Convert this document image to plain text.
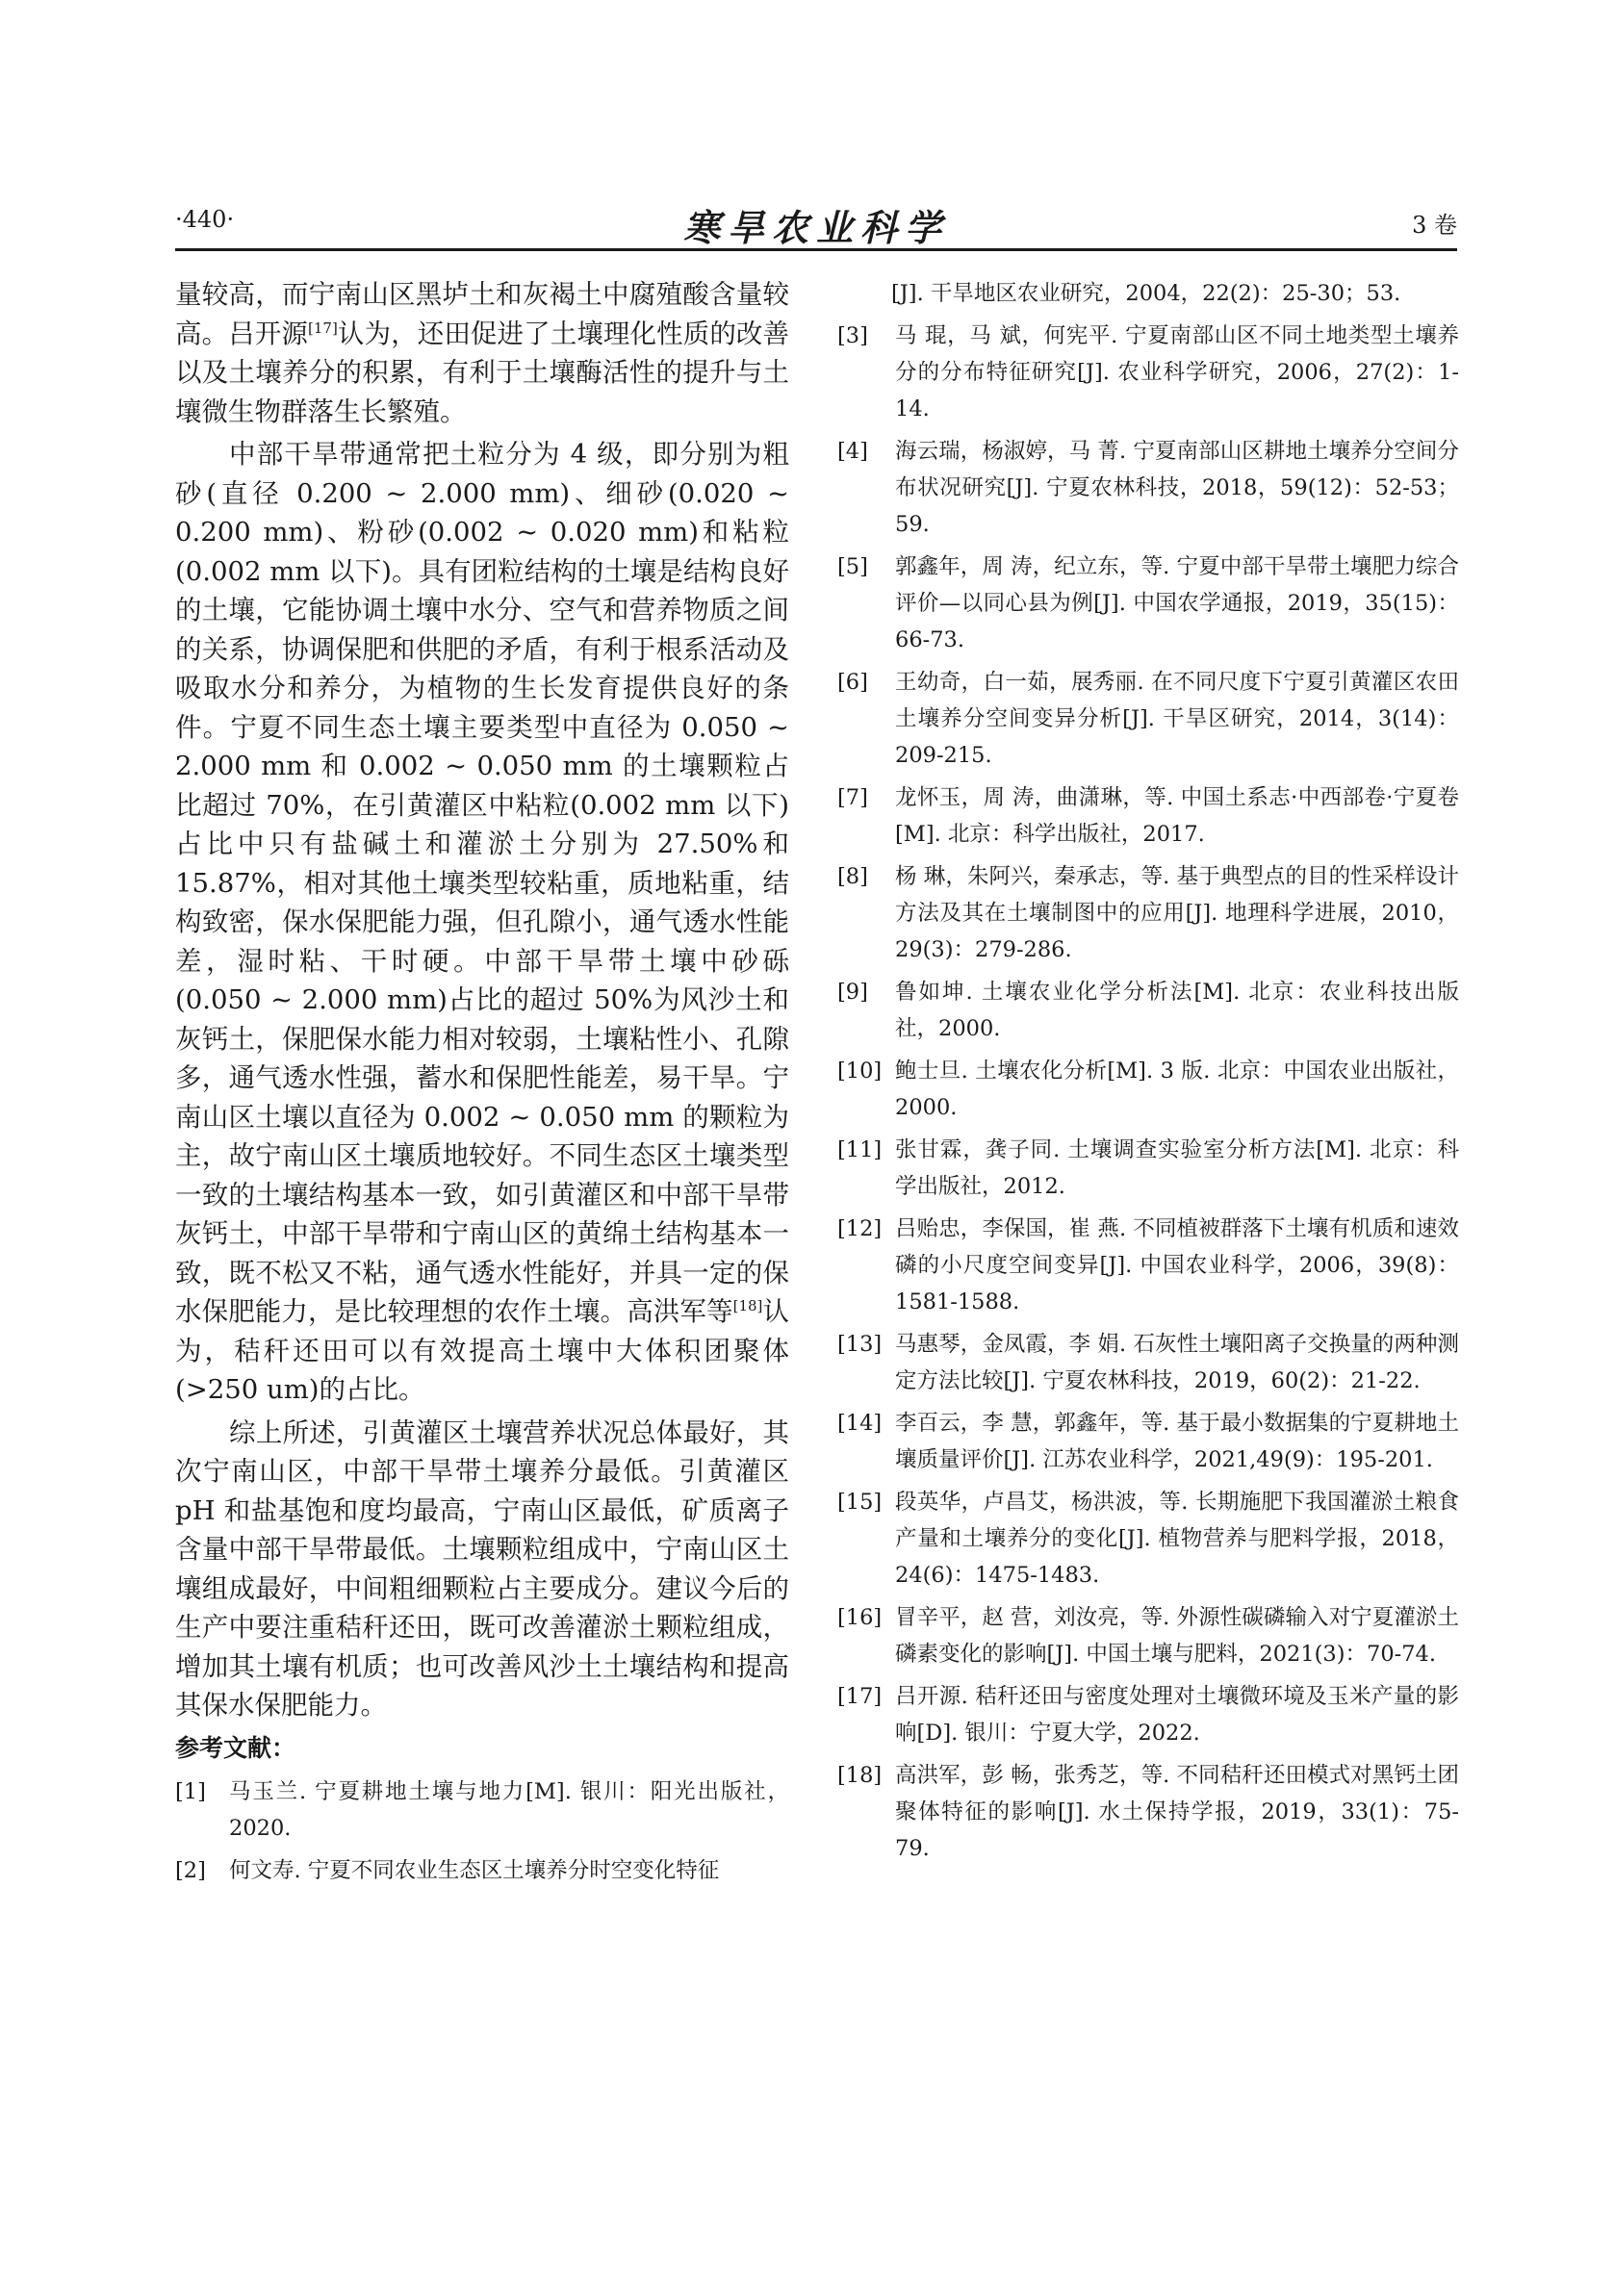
·440·	寒旱农业科学	3 卷

量较高，而宁南山区黑垆土和灰褐土中腐殖酸含量较高。吕开源[17]认为，还田促进了土壤理化性质的改善以及土壤养分的积累，有利于土壤酶活性的提升与土壤微生物群落生长繁殖。

中部干旱带通常把土粒分为 4 级，即分别为粗砂(直径 0.200 ~ 2.000 mm)、细砂(0.020 ~ 0.200 mm)、粉砂(0.002 ~ 0.020 mm)和粘粒(0.002 mm 以下)。具有团粒结构的土壤是结构良好的土壤，它能协调土壤中水分、空气和营养物质之间的关系，协调保肥和供肥的矛盾，有利于根系活动及吸取水分和养分，为植物的生长发育提供良好的条件。宁夏不同生态土壤主要类型中直径为 0.050 ~ 2.000 mm 和 0.002 ~ 0.050 mm 的土壤颗粒占比超过 70%，在引黄灌区中粘粒(0.002 mm 以下)占比中只有盐碱土和灌淤土分别为 27.50%和 15.87%，相对其他土壤类型较粘重，质地粘重，结构致密，保水保肥能力强，但孔隙小，通气透水性能差，湿时粘、干时硬。中部干旱带土壤中砂砾(0.050 ~ 2.000 mm)占比的超过 50%为风沙土和灰钙土，保肥保水能力相对较弱，土壤粘性小、孔隙多，通气透水性强，蓄水和保肥性能差，易干旱。宁南山区土壤以直径为 0.002 ~ 0.050 mm 的颗粒为主，故宁南山区土壤质地较好。不同生态区土壤类型一致的土壤结构基本一致，如引黄灌区和中部干旱带灰钙土，中部干旱带和宁南山区的黄绵土结构基本一致，既不松又不粘，通气透水性能好，并具一定的保水保肥能力，是比较理想的农作土壤。高洪军等[18]认为，秸秆还田可以有效提高土壤中大体积团聚体(>250 um)的占比。

综上所述，引黄灌区土壤营养状况总体最好，其次宁南山区，中部干旱带土壤养分最低。引黄灌区 pH 和盐基饱和度均最高，宁南山区最低，矿质离子含量中部干旱带最低。土壤颗粒组成中，宁南山区土壤组成最好，中间粗细颗粒占主要成分。建议今后的生产中要注重秸秆还田，既可改善灌淤土颗粒组成，增加其土壤有机质；也可改善风沙土土壤结构和提高其保水保肥能力。

参考文献：
[1]	马玉兰. 宁夏耕地土壤与地力[M]. 银川：阳光出版社，2020.
[2]	何文寿. 宁夏不同农业生态区土壤养分时空变化特征
[J]. 干旱地区农业研究，2004，22(2)：25-30；53.
[3]	马 琨，马 斌，何宪平. 宁夏南部山区不同土地类型土壤养分的分布特征研究[J]. 农业科学研究，2006，27(2)：1-14.
[4]	海云瑞，杨淑婷，马 菁. 宁夏南部山区耕地土壤养分空间分布状况研究[J]. 宁夏农林科技，2018，59(12)：52-53；59.
[5]	郭鑫年，周 涛，纪立东，等. 宁夏中部干旱带土壤肥力综合评价—以同心县为例[J]. 中国农学通报，2019，35(15)：66-73.
[6]	王幼奇，白一茹，展秀丽. 在不同尺度下宁夏引黄灌区农田土壤养分空间变异分析[J]. 干旱区研究，2014，3(14)：209-215.
[7]	龙怀玉，周 涛，曲潇琳，等. 中国土系志·中西部卷·宁夏卷[M]. 北京：科学出版社，2017.
[8]	杨 琳，朱阿兴，秦承志，等. 基于典型点的目的性采样设计方法及其在土壤制图中的应用[J]. 地理科学进展，2010，29(3)：279-286.
[9]	鲁如坤. 土壤农业化学分析法[M]. 北京：农业科技出版社，2000.
[10] 鲍士旦. 土壤农化分析[M]. 3 版. 北京：中国农业出版社，2000.
[11] 张甘霖，龚子同. 土壤调查实验室分析方法[M]. 北京：科学出版社，2012.
[12] 吕贻忠，李保国，崔 燕. 不同植被群落下土壤有机质和速效磷的小尺度空间变异[J]. 中国农业科学，2006，39(8)：1581-1588.
[13] 马惠琴，金凤霞，李 娟. 石灰性土壤阳离子交换量的两种测定方法比较[J]. 宁夏农林科技，2019，60(2)：21-22.
[14] 李百云，李 慧，郭鑫年，等. 基于最小数据集的宁夏耕地土壤质量评价[J]. 江苏农业科学，2021,49(9)：195-201.
[15] 段英华，卢昌艾，杨洪波，等. 长期施肥下我国灌淤土粮食产量和土壤养分的变化[J]. 植物营养与肥料学报，2018，24(6)：1475-1483.
[16] 冒辛平，赵 营，刘汝亮，等. 外源性碳磷输入对宁夏灌淤土磷素变化的影响[J]. 中国土壤与肥料，2021(3)：70-74.
[17] 吕开源. 秸秆还田与密度处理对土壤微环境及玉米产量的影响[D]. 银川：宁夏大学，2022.
[18] 高洪军，彭 畅，张秀芝，等. 不同秸秆还田模式对黑钙土团聚体特征的影响[J]. 水土保持学报，2019，33(1)：75-79.
